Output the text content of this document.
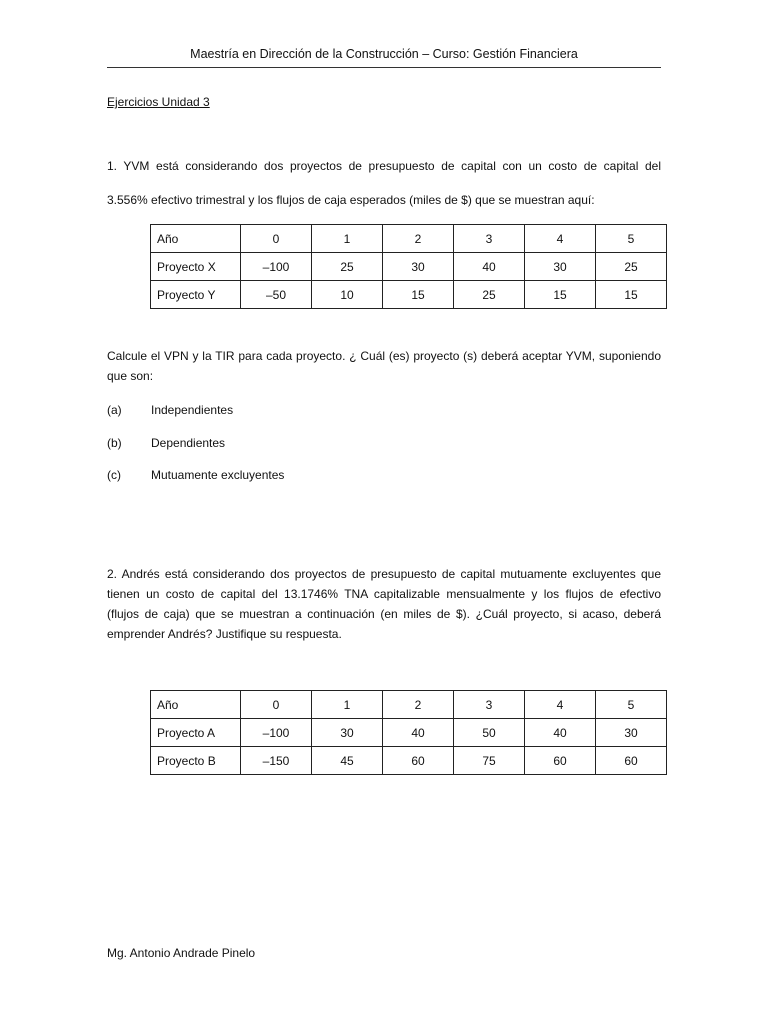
Maestría en Dirección de la Construcción – Curso: Gestión Financiera
Ejercicios Unidad 3
1. YVM está considerando dos proyectos de presupuesto de capital con un costo de capital del
3.556% efectivo trimestral y los flujos de caja esperados (miles de $) que se muestran aquí:
Año	0	1	2	3	4	5
Proyecto X	–100	25	30	40	30	25
Proyecto Y	–50	10	15	25	15	15
Calcule el VPN y la TIR para cada proyecto. ¿ Cuál (es) proyecto (s) deberá aceptar YVM, suponiendo
que son:
(a) Independientes
(b) Dependientes
(c)	Mutuamente excluyentes
2. Andrés está considerando dos proyectos de presupuesto de capital mutuamente excluyentes que
tienen un costo de capital del 13.1746% TNA capitalizable mensualmente y los flujos de efectivo
(flujos de caja) que se muestran a continuación (en miles de $). ¿Cuál proyecto, si acaso, deberá
emprender Andrés? Justifique su respuesta.
Año	0	1	2	3	4	5
Proyecto A	–100	30	40	50	40	30
Proyecto B	–150	45	60	75	60	60
Mg. Antonio Andrade Pinelo
